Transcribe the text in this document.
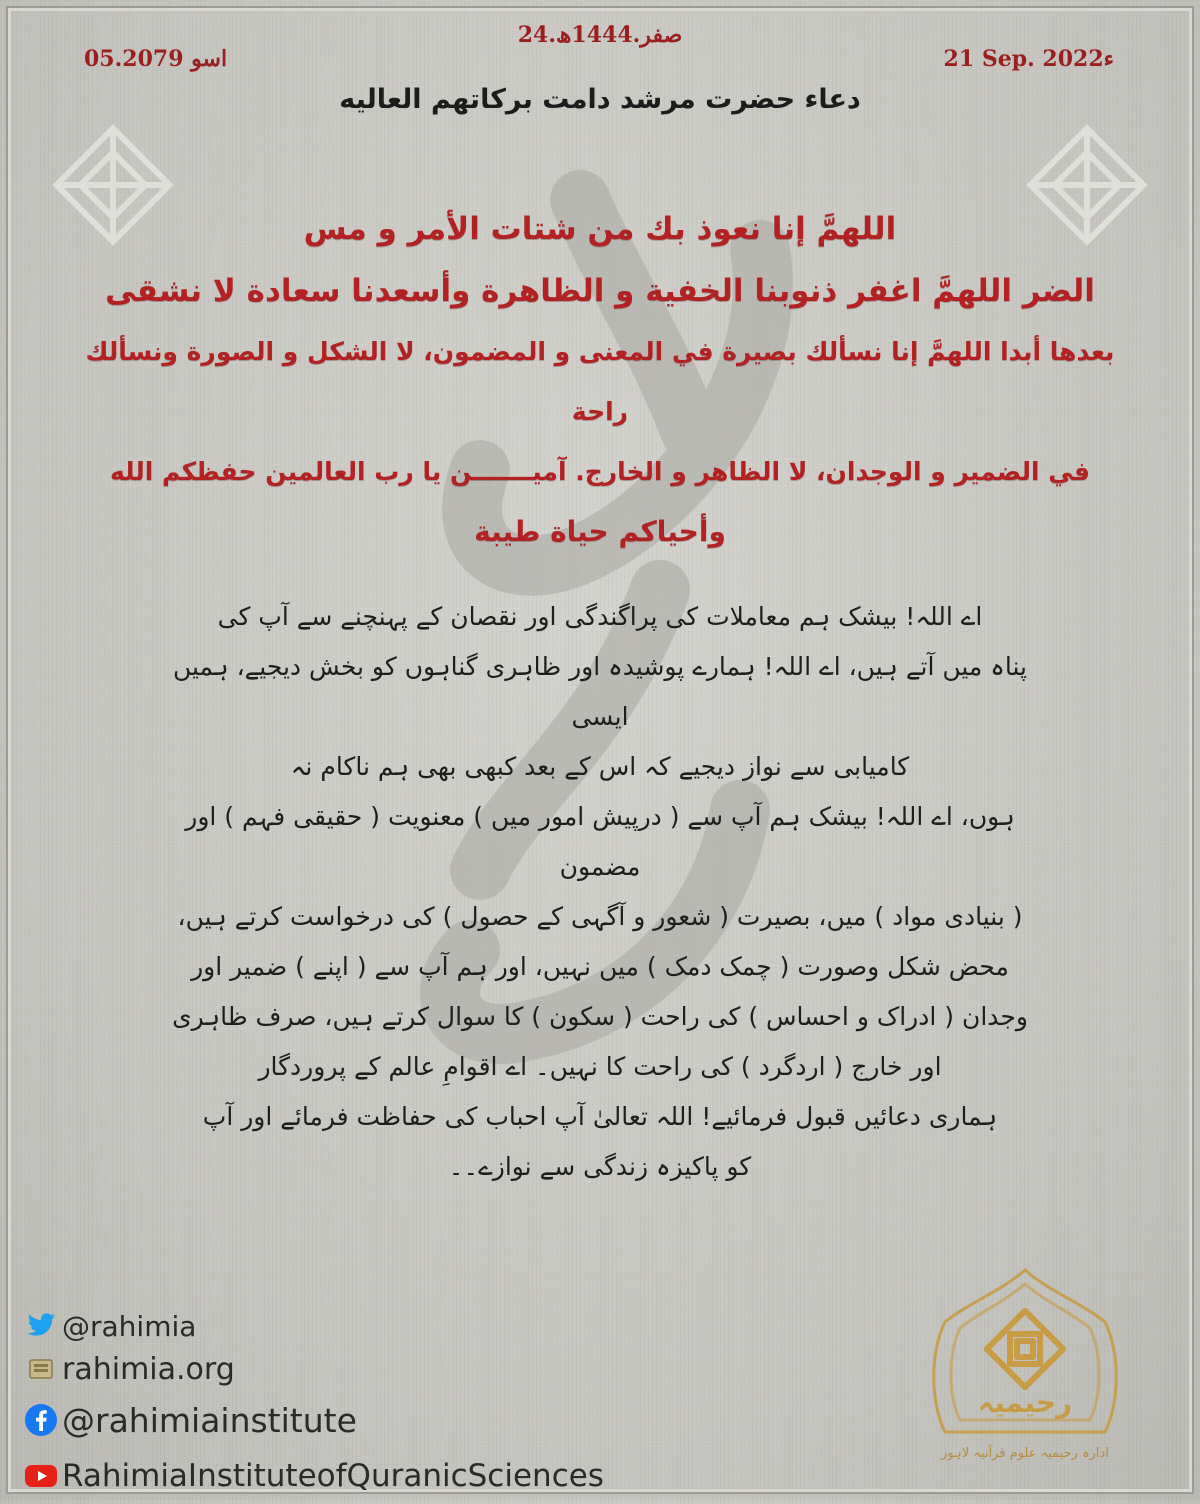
05.اسو 2079
24.صفر.1444ھ
21 Sep. 2022ء
دعاء حضرت مرشد دامت برکاتهم العالیه

اللهمَّ إنا نعوذ بك من شتات الأمر و مس

الضر اللهمَّ اغفر ذنوبنا الخفية و الظاهرة وأسعدنا سعادة لا نشقى

بعدها أبدا اللهمَّ إنا نسألك بصيرة في المعنى و المضمون، لا الشكل و الصورة ونسألك راحة

في الضمير و الوجدان، لا الظاهر و الخارج. آميـــــــن يا رب العالمين حفظكم الله

وأحياكم حياة طيبة

اے اللہ! بیشک ہم معاملات کی پراگندگی اور نقصان کے پہنچنے سے آپ کی

پناہ میں آتے ہیں، اے اللہ! ہمارے پوشیدہ اور ظاہری گناہوں کو بخش دیجیے، ہمیں ایسی

کامیابی سے نواز دیجیے کہ اس کے بعد کبھی بھی ہم ناکام نہ

ہوں، اے اللہ! بیشک ہم آپ سے ( درپیش امور میں ) معنویت ( حقیقی فہم ) اور مضمون

( بنیادی مواد ) میں، بصیرت ( شعور و آگہی کے حصول ) کی درخواست کرتے ہیں،

محض شکل وصورت ( چمک دمک ) میں نہیں، اور ہم آپ سے ( اپنے ) ضمیر اور

وجدان ( ادراک و احساس ) کی راحت ( سکون ) کا سوال کرتے ہیں، صرف ظاہری

اور خارج ( اردگرد ) کی راحت کا نہیں۔ اے اقوامِ عالم کے پروردگار

ہماری دعائیں قبول فرمائیے! اللہ تعالیٰ آپ احباب کی حفاظت فرمائے اور آپ

کو پاکیزہ زندگی سے نوازے۔۔

@rahimia
rahimia.org
@rahimiainstitute
RahimiaInstituteofQuranicSciences
رحیمیہ
ادارہ رحیمیہ علوم قرآنیہ لاہور
